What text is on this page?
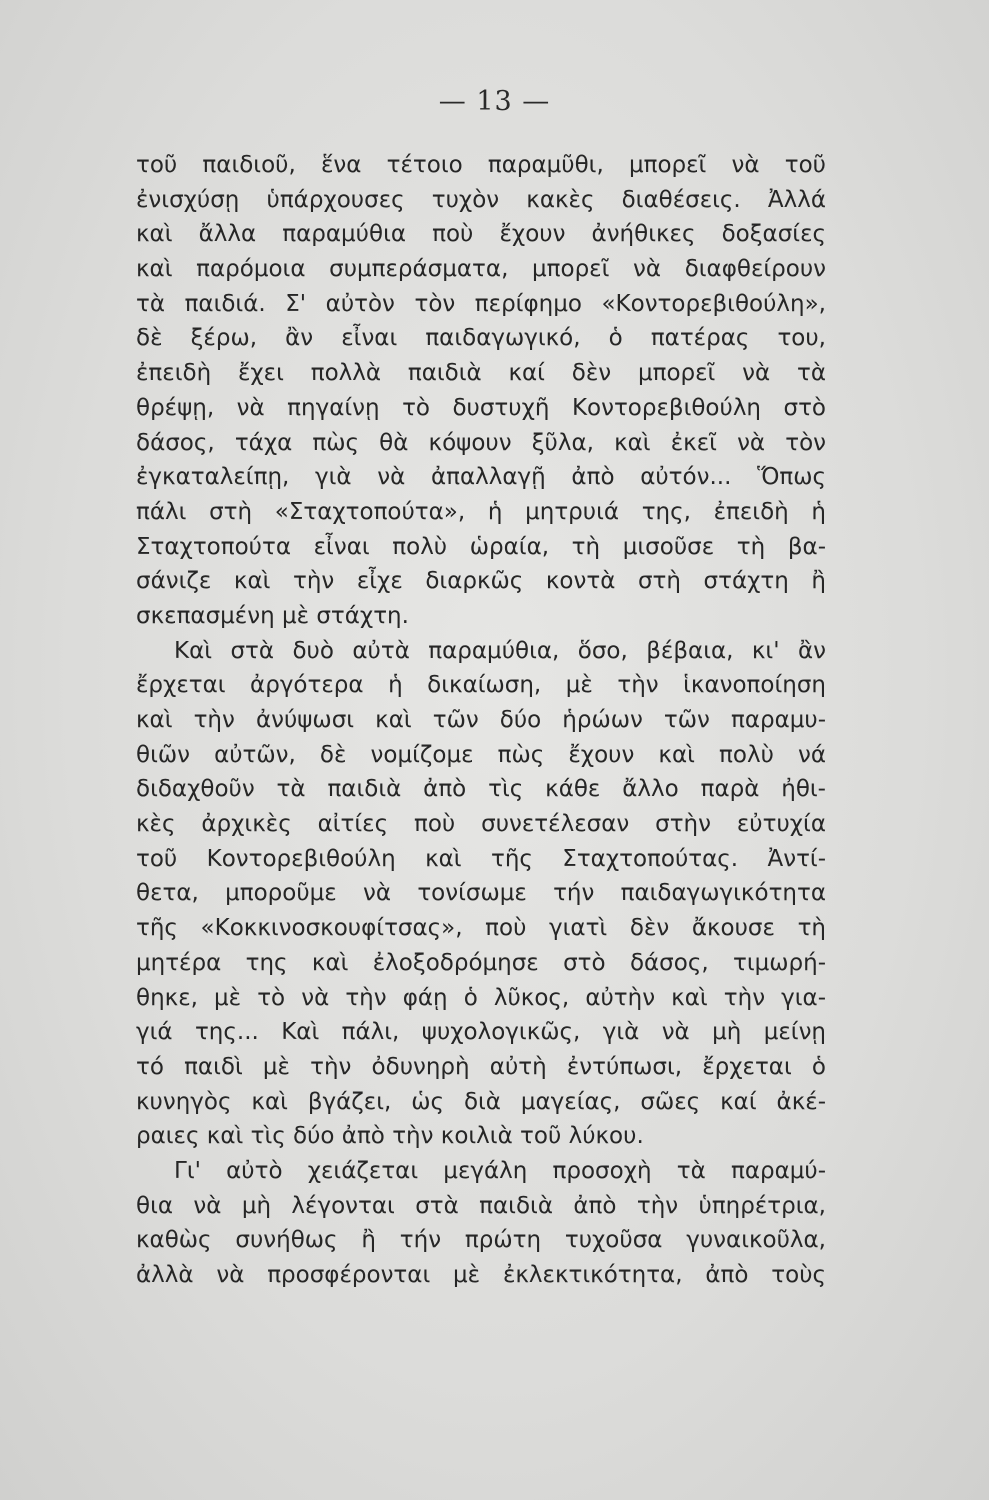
— 13 —
τοῦ παιδιοῦ, ἕνα τέτοιο παραμῦθι, μπορεῖ νὰ τοῦ
ἐνισχύσῃ ὑπάρχουσες τυχὸν κακὲς διαθέσεις. Ἀλλά
καὶ ἄλλα παραμύθια ποὺ ἔχουν ἀνήθικες δοξασίες
καὶ παρόμοια συμπεράσματα, μπορεῖ νὰ διαφθείρουν
τὰ παιδιά. Σ' αὐτὸν τὸν περίφημο «Κοντορεβιθούλη»,
δὲ ξέρω, ἂν εἶναι παιδαγωγικό, ὁ πατέρας του,
ἐπειδὴ ἔχει πολλὰ παιδιὰ καί δὲν μπορεῖ νὰ τὰ
θρέψῃ, νὰ πηγαίνῃ τὸ δυστυχῆ Κοντορεβιθούλη στὸ
δάσος, τάχα πὼς θὰ κόψουν ξῦλα, καὶ ἐκεῖ νὰ τὸν
ἐγκαταλείπῃ, γιὰ νὰ ἀπαλλαγῇ ἀπὸ αὐτόν... Ὅπως
πάλι στὴ «Σταχτοπούτα», ἡ μητρυιά της, ἐπειδὴ ἡ
Σταχτοπούτα εἶναι πολὺ ὡραία, τὴ μισοῦσε τὴ βα-
σάνιζε καὶ τὴν εἶχε διαρκῶς κοντὰ στὴ στάχτη ἢ
σκεπασμένη μὲ στάχτη.
Καὶ στὰ δυὸ αὐτὰ παραμύθια, ὅσο, βέβαια, κι' ἂν
ἔρχεται ἀργότερα ἡ δικαίωση, μὲ τὴν ἱκανοποίηση
καὶ τὴν ἀνύψωσι καὶ τῶν δύο ἡρώων τῶν παραμυ-
θιῶν αὐτῶν, δὲ νομίζομε πὼς ἔχουν καὶ πολὺ νά
διδαχθοῦν τὰ παιδιὰ ἀπὸ τὶς κάθε ἄλλο παρὰ ἠθι-
κὲς ἀρχικὲς αἰτίες ποὺ συνετέλεσαν στὴν εὐτυχία
τοῦ Κοντορεβιθούλη καὶ τῆς Σταχτοπούτας. Ἀντί-
θετα, μποροῦμε νὰ τονίσωμε τήν παιδαγωγικότητα
τῆς «Κοκκινοσκουφίτσας», ποὺ γιατὶ δὲν ἄκουσε τὴ
μητέρα της καὶ ἐλοξοδρόμησε στὸ δάσος, τιμωρή-
θηκε, μὲ τὸ νὰ τὴν φάῃ ὁ λῦκος, αὐτὴν καὶ τὴν για-
γιά της... Καὶ πάλι, ψυχολογικῶς, γιὰ νὰ μὴ μείνῃ
τό παιδὶ μὲ τὴν ὀδυνηρὴ αὐτὴ ἐντύπωσι, ἔρχεται ὁ
κυνηγὸς καὶ βγάζει, ὡς διὰ μαγείας, σῶες καί ἀκέ-
ραιες καὶ τὶς δύο ἀπὸ τὴν κοιλιὰ τοῦ λύκου.
Γι' αὐτὸ χειάζεται μεγάλη προσοχὴ τὰ παραμύ-
θια νὰ μὴ λέγονται στὰ παιδιὰ ἀπὸ τὴν ὑπηρέτρια,
καθὼς συνήθως ἢ τήν πρώτη τυχοῦσα γυναικοῦλα,
ἀλλὰ νὰ προσφέρονται μὲ ἐκλεκτικότητα, ἀπὸ τοὺς
